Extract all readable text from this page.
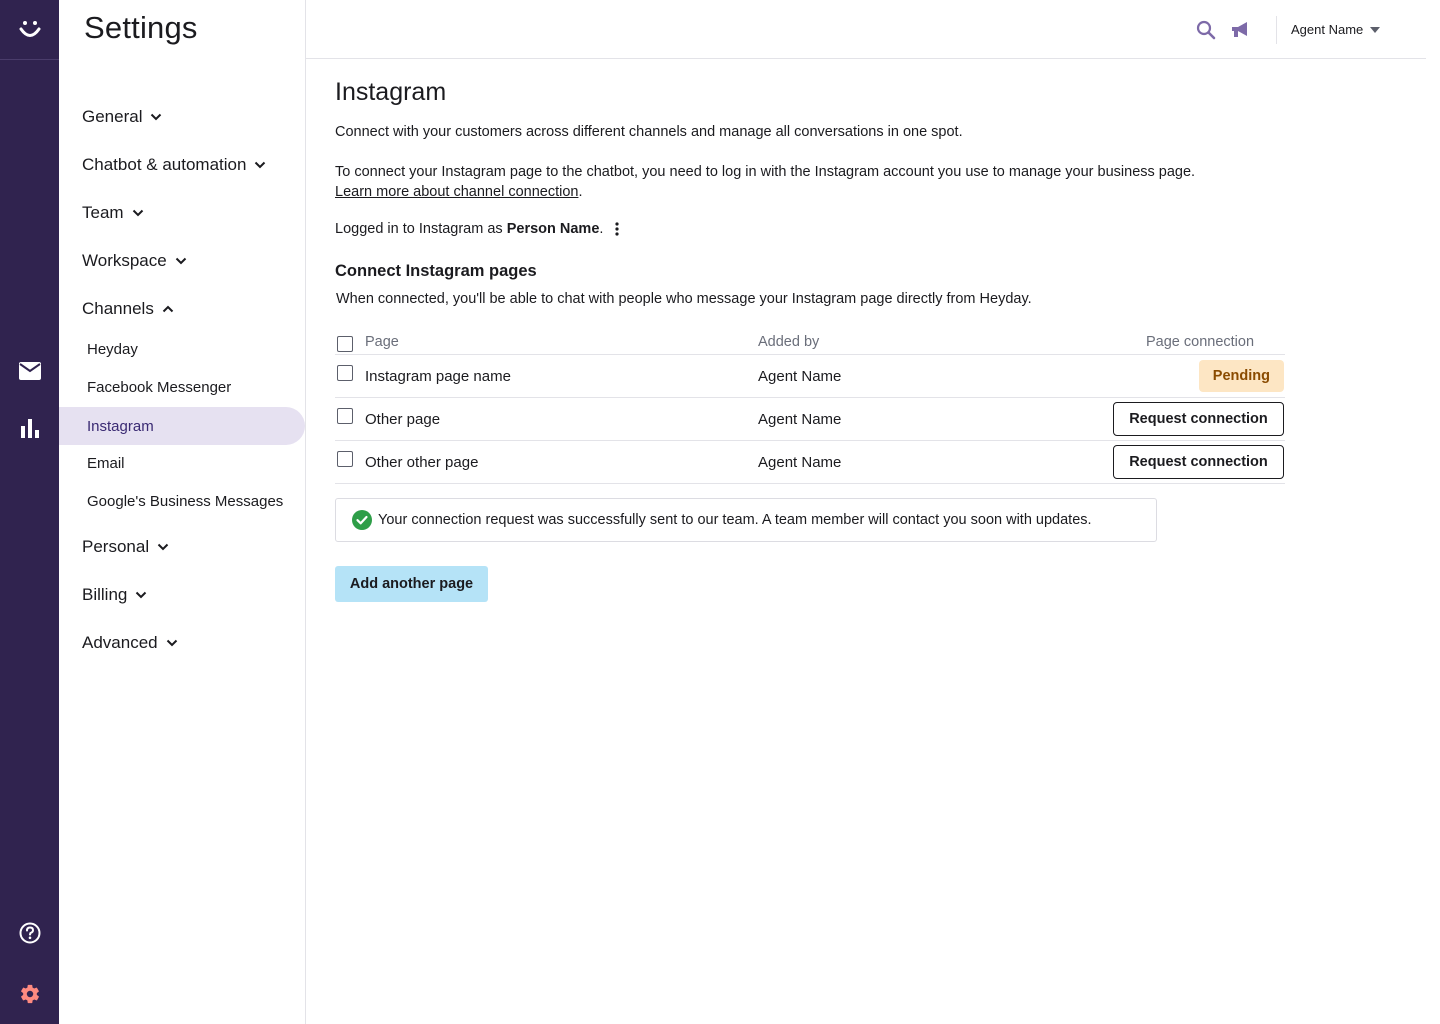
Settings
General
Chatbot & automation
Team
Workspace
Channels
Heyday
Facebook Messenger
Instagram
Email
Google's Business Messages
Personal
Billing
Advanced
Agent Name
Instagram
Connect with your customers across different channels and manage all conversations in one spot.
To connect your Instagram page to the chatbot, you need to log in with the Instagram account you use to manage your business page.
Learn more about channel connection.
Logged in to Instagram as Person Name.
Connect Instagram pages
When connected, you'll be able to chat with people who message your Instagram page directly from Heyday.
Page	Added by	Page connection
Instagram page name	Agent Name	Pending
Other page	Agent Name	Request connection
Other other page	Agent Name	Request connection
Your connection request was successfully sent to our team. A team member will contact you soon with updates.
Add another page
